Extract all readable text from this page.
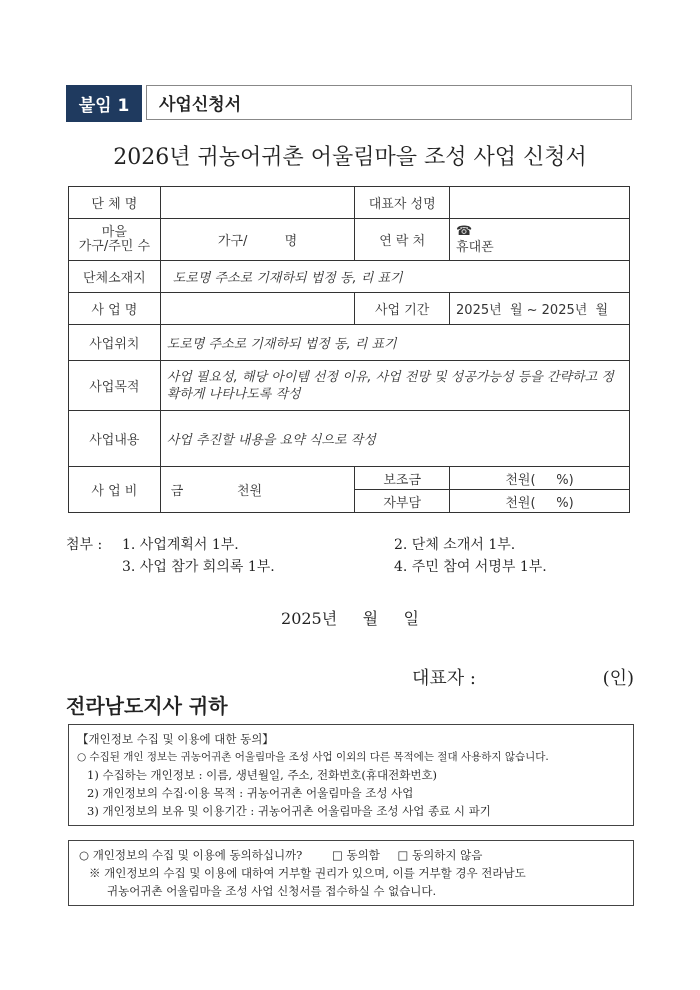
붙임 1	사업신청서
2026년 귀농어귀촌 어울림마을 조성 사업 신청서
단 체 명		대표자 성명	
마을
가구/주민 수	가구/         명	연 락 처	☎
휴대폰
단체소재지	도로명 주소로 기재하되 법정 동, 리 표기		
사 업 명		사업 기간	2025년  월 ~ 2025년  월
사업위치	도로명 주소로 기재하되 법정 동, 리 표기		
사업목적	사업 필요성, 해당 아이템 선정 이유, 사업 전망 및 성공가능성 등을 간략하고 정확하게 나타나도록 작성		
사업내용	사업 추진할 내용을 요약 식으로 작성		
사 업 비	금             천원	보조금	천원(     %)
		자부담	천원(     %)
첨부 :	1. 사업계획서 1부.	2. 단체 소개서 1부.
3. 사업 참가 회의록 1부.	4. 주민 참여 서명부 1부.
2025년     월     일
대표자 :	(인)
전라남도지사 귀하
【개인정보 수집 및 이용에 대한 동의】
○ 수집된 개인 정보는 귀농어귀촌 어울림마을 조성 사업 이외의 다른 목적에는 절대 사용하지 않습니다.
1) 수집하는 개인정보 : 이름, 생년월일, 주소, 전화번호(휴대전화번호)
2) 개인정보의 수집·이용 목적 : 귀농어귀촌 어울림마을 조성 사업
3) 개인정보의 보유 및 이용기간 : 귀농어귀촌 어울림마을 조성 사업 종료 시 파기
○ 개인정보의 수집 및 이용에 동의하십니까?	□ 동의함 □ 동의하지 않음
※ 개인정보의 수집 및 이용에 대하여 거부할 권리가 있으며, 이를 거부할 경우 전라남도
귀농어귀촌 어울림마을 조성 사업 신청서를 접수하실 수 없습니다.
